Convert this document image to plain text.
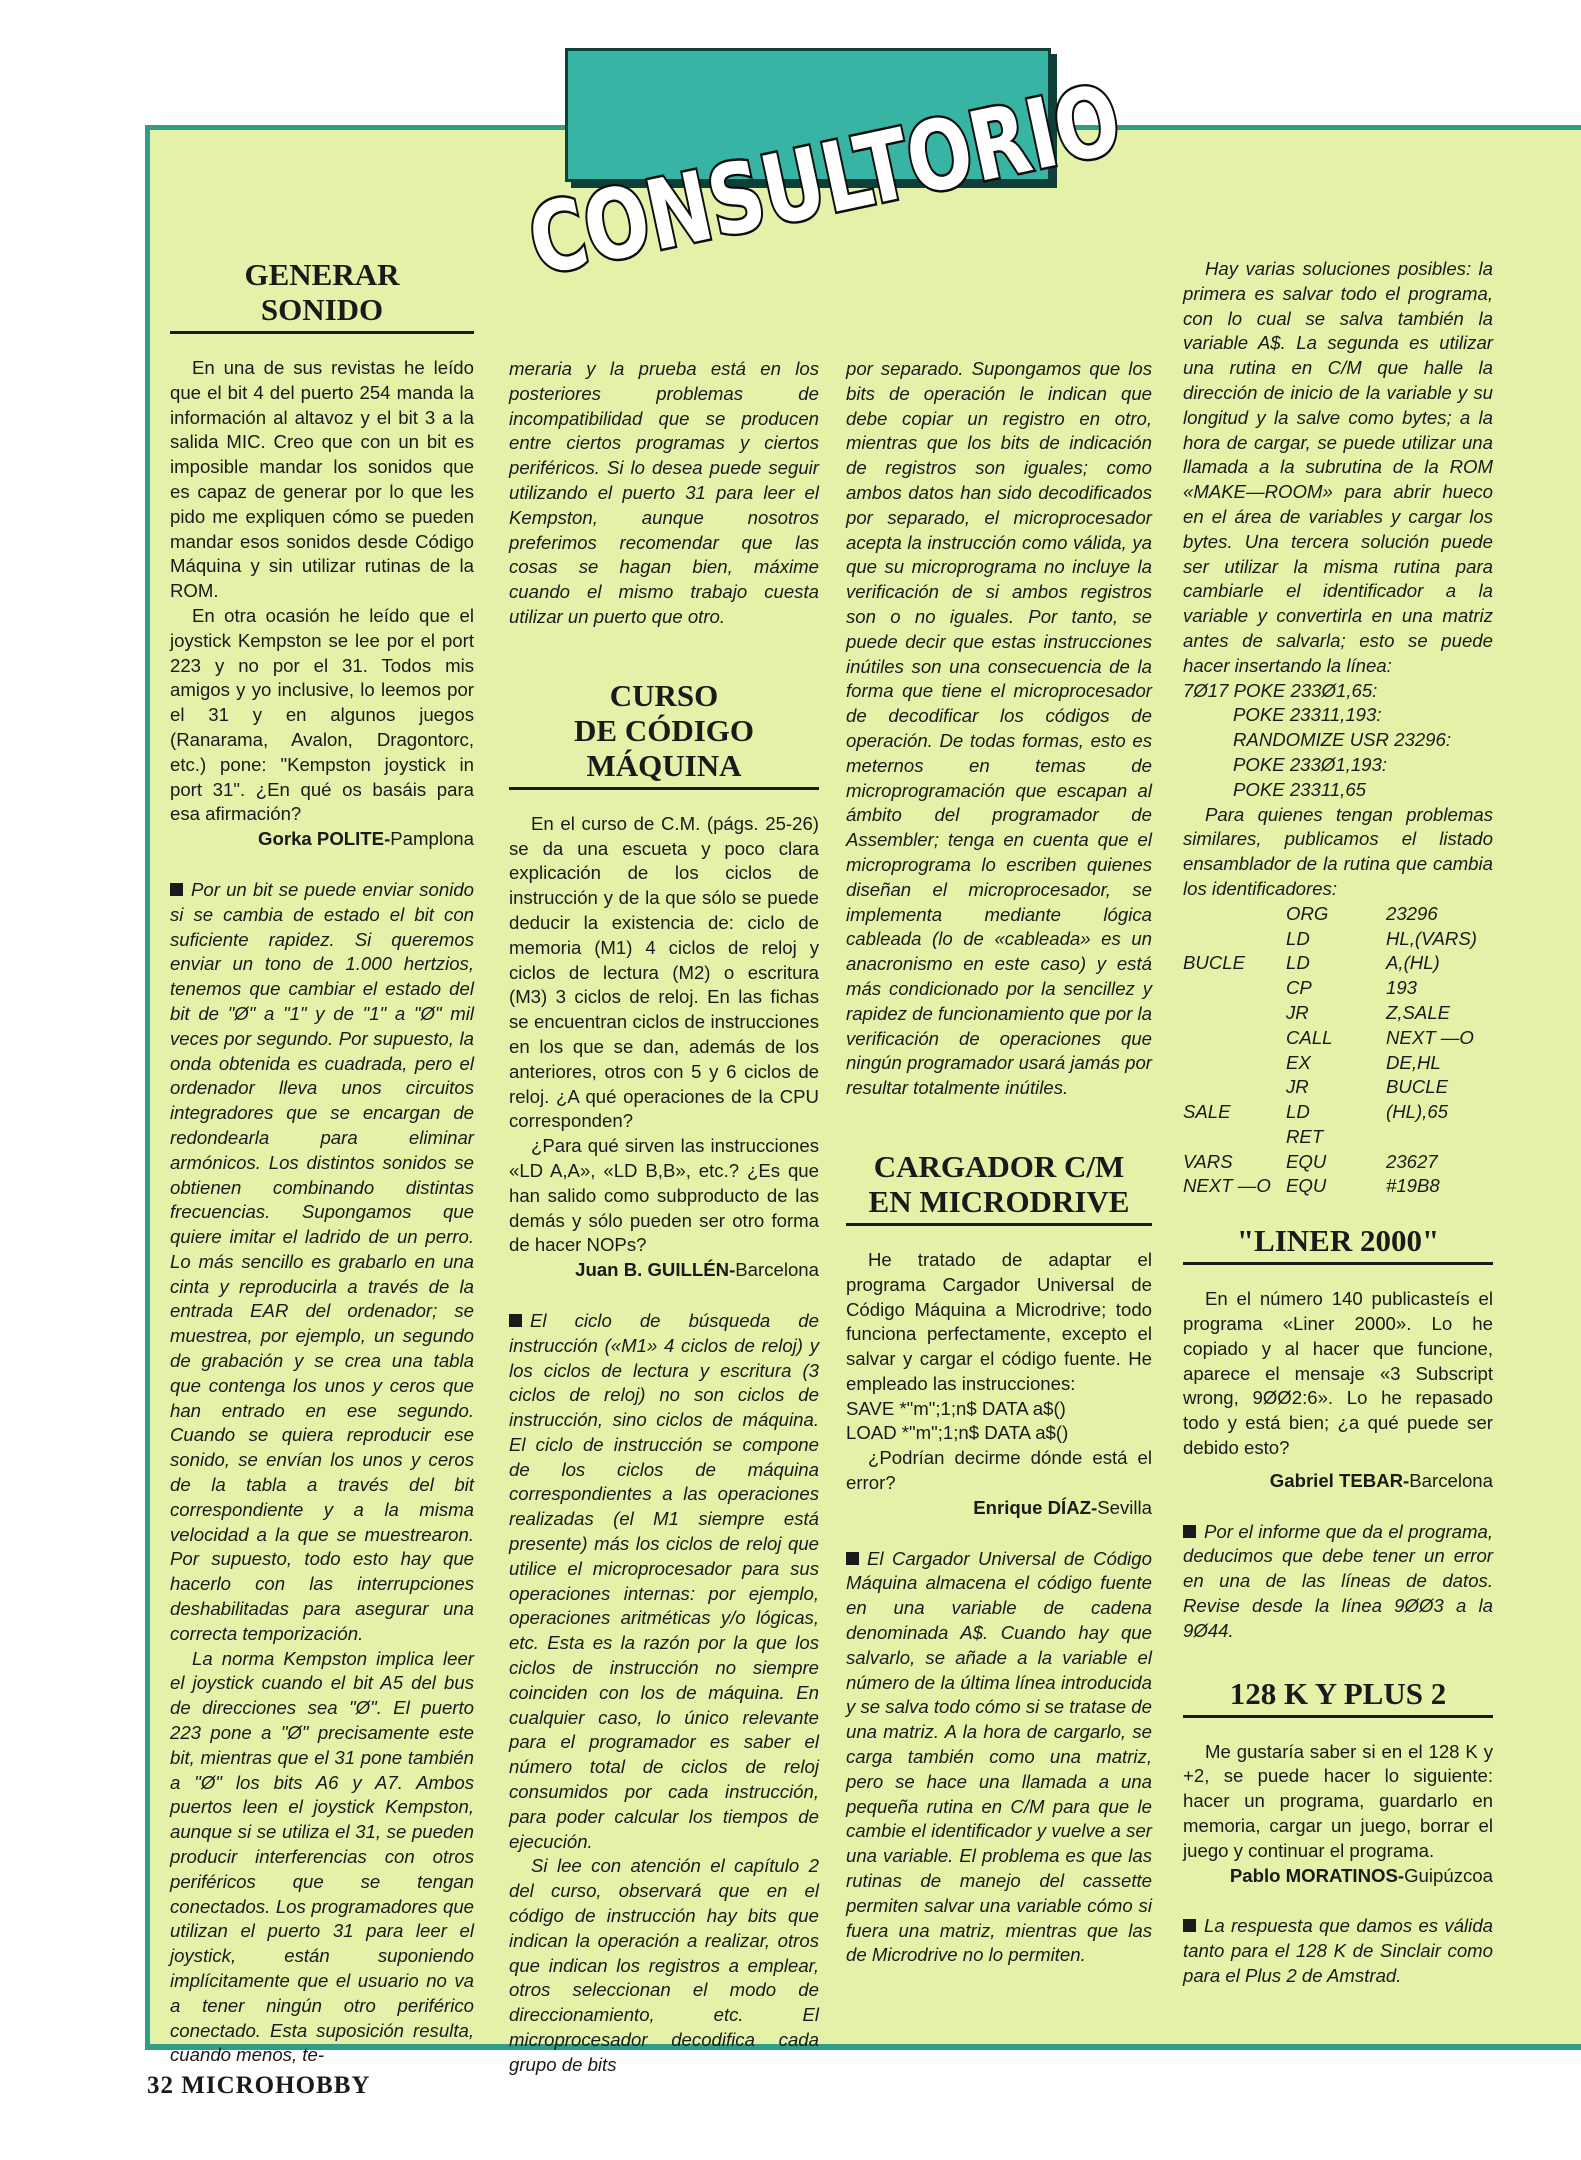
CONSULTORIO
GENERAR
SONIDO

En una de sus revistas he leído que el bit 4 del puerto 254 manda la información al altavoz y el bit 3 a la salida MIC. Creo que con un bit es imposible mandar los sonidos que es capaz de generar por lo que les pido me expliquen cómo se pueden mandar esos sonidos desde Código Máquina y sin utilizar rutinas de la ROM.

En otra ocasión he leído que el joystick Kempston se lee por el port 223 y no por el 31. Todos mis amigos y yo inclusive, lo leemos por el 31 y en algunos juegos (Ranarama, Avalon, Dragontorc, etc.) pone: "Kempston joystick in port 31". ¿En qué os basáis para esa afirmación?

Gorka POLITE-Pamplona

Por un bit se puede enviar sonido si se cambia de estado el bit con suficiente rapidez. Si queremos enviar un tono de 1.000 hertzios, tenemos que cambiar el estado del bit de "Ø" a "1" y de "1" a "Ø" mil veces por segundo. Por supuesto, la onda obtenida es cuadrada, pero el ordenador lleva unos circuitos integradores que se encargan de redondearla para eliminar armónicos. Los distintos sonidos se obtienen combinando distintas frecuencias. Supongamos que quiere imitar el ladrido de un perro. Lo más sencillo es grabarlo en una cinta y reproducirla a través de la entrada EAR del ordenador; se muestrea, por ejemplo, un segundo de grabación y se crea una tabla que contenga los unos y ceros que han entrado en ese segundo. Cuando se quiera reproducir ese sonido, se envían los unos y ceros de la tabla a través del bit correspondiente y a la misma velocidad a la que se muestrearon. Por supuesto, todo esto hay que hacerlo con las interrupciones deshabilitadas para asegurar una correcta temporización.

La norma Kempston implica leer el joystick cuando el bit A5 del bus de direcciones sea "Ø". El puerto 223 pone a "Ø" precisamente este bit, mientras que el 31 pone también a "Ø" los bits A6 y A7. Ambos puertos leen el joystick Kempston, aunque si se utiliza el 31, se pueden producir interferencias con otros periféricos que se tengan conectados. Los programadores que utilizan el puerto 31 para leer el joystick, están suponiendo implícitamente que el usuario no va a tener ningún otro periférico conectado. Esta suposición resulta, cuando menos, te-

meraria y la prueba está en los posteriores problemas de incompatibilidad que se producen entre ciertos programas y ciertos periféricos. Si lo desea puede seguir utilizando el puerto 31 para leer el Kempston, aunque nosotros preferimos recomendar que las cosas se hagan bien, máxime cuando el mismo trabajo cuesta utilizar un puerto que otro.

CURSO
DE CÓDIGO MÁQUINA

En el curso de C.M. (págs. 25-26) se da una escueta y poco clara explicación de los ciclos de instrucción y de la que sólo se puede deducir la existencia de: ciclo de memoria (M1) 4 ciclos de reloj y ciclos de lectura (M2) o escritura (M3) 3 ciclos de reloj. En las fichas se encuentran ciclos de instrucciones en los que se dan, además de los anteriores, otros con 5 y 6 ciclos de reloj. ¿A qué operaciones de la CPU corresponden?

¿Para qué sirven las instrucciones «LD A,A», «LD B,B», etc.? ¿Es que han salido como subproducto de las demás y sólo pueden ser otro forma de hacer NOPs?

Juan B. GUILLÉN-Barcelona

El ciclo de búsqueda de instrucción («M1» 4 ciclos de reloj) y los ciclos de lectura y escritura (3 ciclos de reloj) no son ciclos de instrucción, sino ciclos de máquina. El ciclo de instrucción se compone de los ciclos de máquina correspondientes a las operaciones realizadas (el M1 siempre está presente) más los ciclos de reloj que utilice el microprocesador para sus operaciones internas: por ejemplo, operaciones aritméticas y/o lógicas, etc. Esta es la razón por la que los ciclos de instrucción no siempre coinciden con los de máquina. En cualquier caso, lo único relevante para el programador es saber el número total de ciclos de reloj consumidos por cada instrucción, para poder calcular los tiempos de ejecución.

Si lee con atención el capítulo 2 del curso, observará que en el código de instrucción hay bits que indican la operación a realizar, otros que indican los registros a emplear, otros seleccionan el modo de direccionamiento, etc. El microprocesador decodifica cada grupo de bits

por separado. Supongamos que los bits de operación le indican que debe copiar un registro en otro, mientras que los bits de indicación de registros son iguales; como ambos datos han sido decodificados por separado, el microprocesador acepta la instrucción como válida, ya que su microprograma no incluye la verificación de si ambos registros son o no iguales. Por tanto, se puede decir que estas instrucciones inútiles son una consecuencia de la forma que tiene el microprocesador de decodificar los códigos de operación. De todas formas, esto es meternos en temas de microprogramación que escapan al ámbito del programador de Assembler; tenga en cuenta que el microprograma lo escriben quienes diseñan el microprocesador, se implementa mediante lógica cableada (lo de «cableada» es un anacronismo en este caso) y está más condicionado por la sencillez y rapidez de funcionamiento que por la verificación de operaciones que ningún programador usará jamás por resultar totalmente inútiles.

CARGADOR C/M
EN MICRODRIVE

He tratado de adaptar el programa Cargador Universal de Código Máquina a Microdrive; todo funciona perfectamente, excepto el salvar y cargar el código fuente. He empleado las instrucciones:

SAVE *"m";1;n$ DATA a$()
LOAD *"m";1;n$ DATA a$()

¿Podrían decirme dónde está el error?

Enrique DÍAZ-Sevilla

El Cargador Universal de Código Máquina almacena el código fuente en una variable de cadena denominada A$. Cuando hay que salvarlo, se añade a la variable el número de la última línea introducida y se salva todo cómo si se tratase de una matriz. A la hora de cargarlo, se carga también como una matriz, pero se hace una llamada a una pequeña rutina en C/M para que le cambie el identificador y vuelve a ser una variable. El problema es que las rutinas de manejo del cassette permiten salvar una variable cómo si fuera una matriz, mientras que las de Microdrive no lo permiten.

Hay varias soluciones posibles: la primera es salvar todo el programa, con lo cual se salva también la variable A$. La segunda es utilizar una rutina en C/M que halle la dirección de inicio de la variable y su longitud y la salve como bytes; a la hora de cargar, se puede utilizar una llamada a la subrutina de la ROM «MAKE—ROOM» para abrir hueco en el área de variables y cargar los bytes. Una tercera solución puede ser utilizar la misma rutina para cambiarle el identificador a la variable y convertirla en una matriz antes de salvarla; esto se puede hacer insertando la línea:

7Ø17 POKE 233Ø1,65:
POKE 23311,193:
RANDOMIZE USR 23296:
POKE 233Ø1,193:
POKE 23311,65

Para quienes tengan problemas similares, publicamos el listado ensamblador de la rutina que cambia los identificadores:

	ORG	23296
	LD	HL,(VARS)
BUCLE	LD	A,(HL)
	CP	193
	JR	Z,SALE
	CALL	NEXT —O
	EX	DE,HL
	JR	BUCLE
SALE	LD	(HL),65
	RET	
VARS	EQU	23627
NEXT —O	EQU	#19B8
"LINER 2000"

En el número 140 publicasteís el programa «Liner 2000». Lo he copiado y al hacer que funcione, aparece el mensaje «3 Subscript wrong, 9ØØ2:6». Lo he repasado todo y está bien; ¿a qué puede ser debido esto?

Gabriel TEBAR-Barcelona

Por el informe que da el programa, deducimos que debe tener un error en una de las líneas de datos. Revise desde la línea 9ØØ3 a la 9Ø44.

128 K Y PLUS 2

Me gustaría saber si en el 128 K y +2, se puede hacer lo siguiente: hacer un programa, guardarlo en memoria, cargar un juego, borrar el juego y continuar el programa.

Pablo MORATINOS-Guipúzcoa

La respuesta que damos es válida tanto para el 128 K de Sinclair como para el Plus 2 de Amstrad.

32 MICROHOBBY
